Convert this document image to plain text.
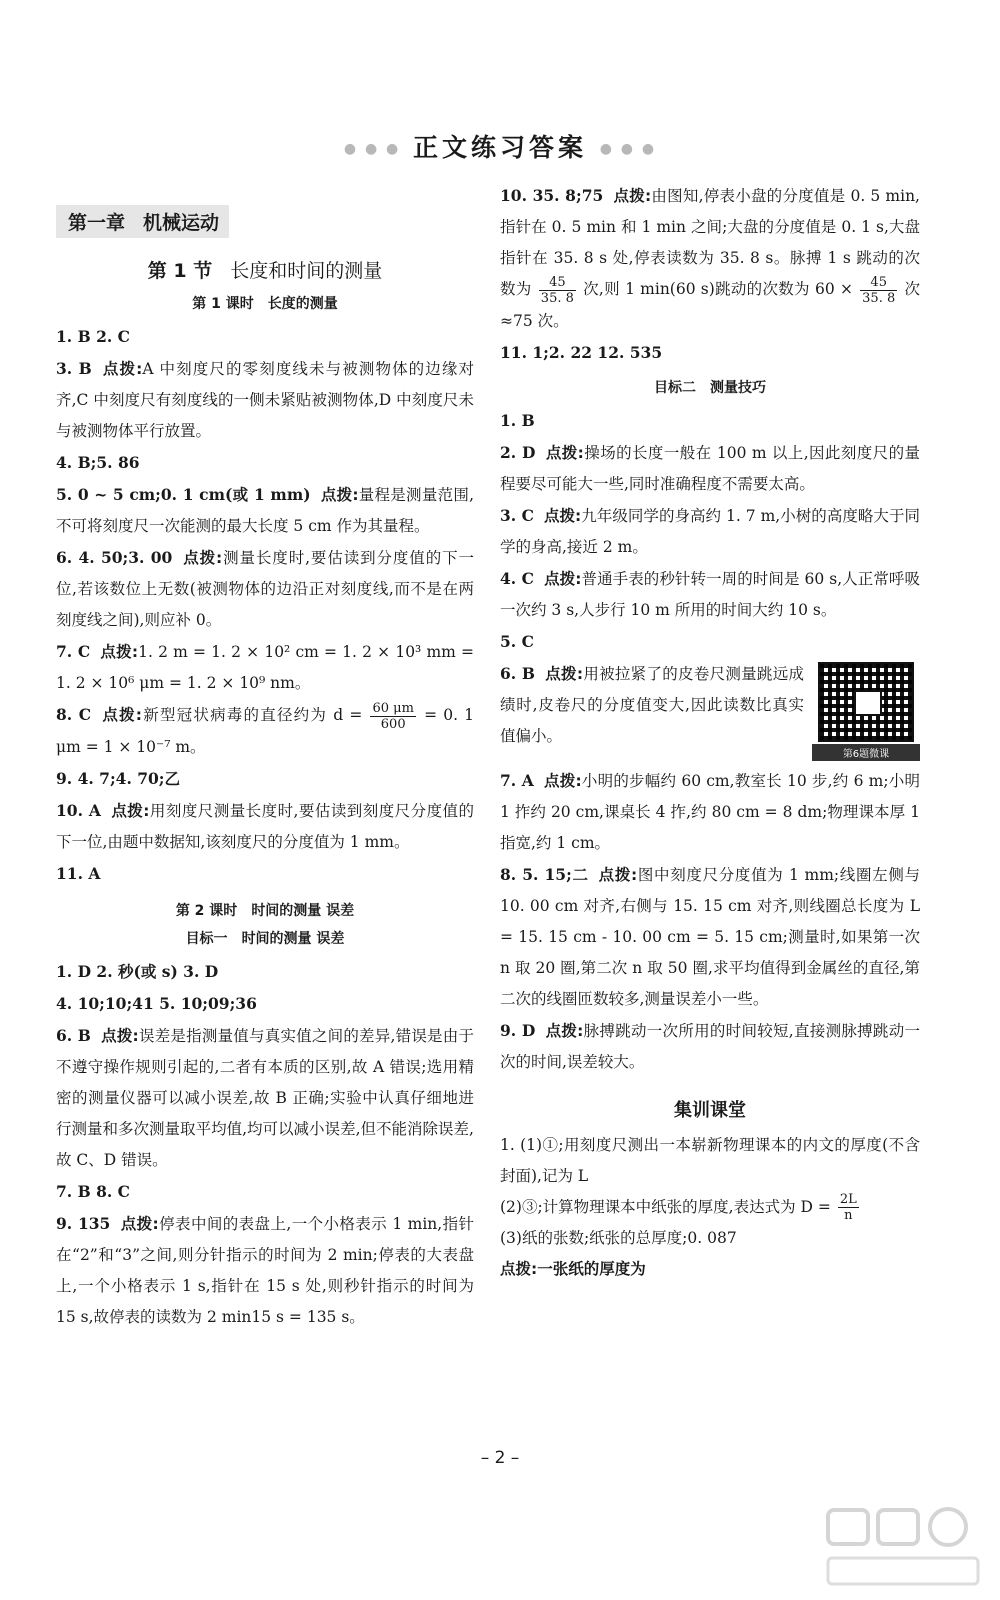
● ● ● 正文练习答案 ● ● ●
第一章 机械运动
第 1 节 长度和时间的测量
第 1 课时 长度的测量

1. B 2. C

3. B 点拨:A 中刻度尺的零刻度线未与被测物体的边缘对齐,C 中刻度尺有刻度线的一侧未紧贴被测物体,D 中刻度尺未与被测物体平行放置。

4. B;5. 86

5. 0 ~ 5 cm;0. 1 cm(或 1 mm) 点拨:量程是测量范围,不可将刻度尺一次能测的最大长度 5 cm 作为其量程。

6. 4. 50;3. 00 点拨:测量长度时,要估读到分度值的下一位,若该数位上无数(被测物体的边沿正对刻度线,而不是在两刻度线之间),则应补 0。

7. C 点拨:1. 2 m = 1. 2 × 10² cm = 1. 2 × 10³ mm = 1. 2 × 10⁶ μm = 1. 2 × 10⁹ nm。

8. C 点拨:新型冠状病毒的直径约为 $d = \frac{60 \mu m}{600} = 0$. 1 μm = 1 × 10⁻⁷ m。

9. 4. 7;4. 70;乙

10. A 点拨:用刻度尺测量长度时,要估读到刻度尺分度值的下一位,由题中数据知,该刻度尺的分度值为 1 mm。

11. A

第 2 课时 时间的测量 误差
目标一 时间的测量 误差

1. D 2. 秒(或 s) 3. D

4. 10;10;41 5. 10;09;36

6. B 点拨:误差是指测量值与真实值之间的差异,错误是由于不遵守操作规则引起的,二者有本质的区别,故 A 错误;选用精密的测量仪器可以减小误差,故 B 正确;实验中认真仔细地进行测量和多次测量取平均值,均可以减小误差,但不能消除误差,故 C、D 错误。

7. B 8. C

9. 135 点拨:停表中间的表盘上,一个小格表示 1 min,指针在“2”和“3”之间,则分针指示的时间为 2 min;停表的大表盘上,一个小格表示 1 s,指针在 15 s 处,则秒针指示的时间为 15 s,故停表的读数为 2 min15 s = 135 s。

10. 35. 8;75 点拨:由图知,停表小盘的分度值是 0. 5 min,指针在 0. 5 min 和 1 min 之间;大盘的分度值是 0. 1 s,大盘指针在 35. 8 s 处,停表读数为 35. 8 s。脉搏 1 s 跳动的次数为 $\frac{45}{35. 8}$ 次,则 1 min(60 s)跳动的次数为 $60 \times \frac{45}{35. 8}$ 次≈75 次。

11. 1;2. 22 12. 535

目标二 测量技巧

1. B

2. D 点拨:操场的长度一般在 100 m 以上,因此刻度尺的量程要尽可能大一些,同时准确程度不需要太高。

3. C 点拨:九年级同学的身高约 1. 7 m,小树的高度略大于同学的身高,接近 2 m。

4. C 点拨:普通手表的秒针转一周的时间是 60 s,人正常呼吸一次约 3 s,人步行 10 m 所用的时间大约 10 s。

5. C

第6题微课

6. B 点拨:用被拉紧了的皮卷尺测量跳远成绩时,皮卷尺的分度值变大,因此读数比真实值偏小。

7. A 点拨:小明的步幅约 60 cm,教室长 10 步,约 6 m;小明 1 拃约 20 cm,课桌长 4 拃,约 80 cm = 8 dm;物理课本厚 1 指宽,约 1 cm。

8. 5. 15;二 点拨:图中刻度尺分度值为 1 mm;线圈左侧与 10. 00 cm 对齐,右侧与 15. 15 cm 对齐,则线圈总长度为 L = 15. 15 cm - 10. 00 cm = 5. 15 cm;测量时,如果第一次 n 取 20 圈,第二次 n 取 50 圈,求平均值得到金属丝的直径,第二次的线圈匝数较多,测量误差小一些。

9. D 点拨:脉搏跳动一次所用的时间较短,直接测脉搏跳动一次的时间,误差较大。

集训课堂

1. (1)①;用刻度尺测出一本崭新物理课本的内文的厚度(不含封面),记为 L

(2)③;计算物理课本中纸张的厚度,表达式为 $D = \frac{2L}{n}$

(3)纸的张数;纸张的总厚度;0. 087

点拨:一张纸的厚度为

– 2 –
